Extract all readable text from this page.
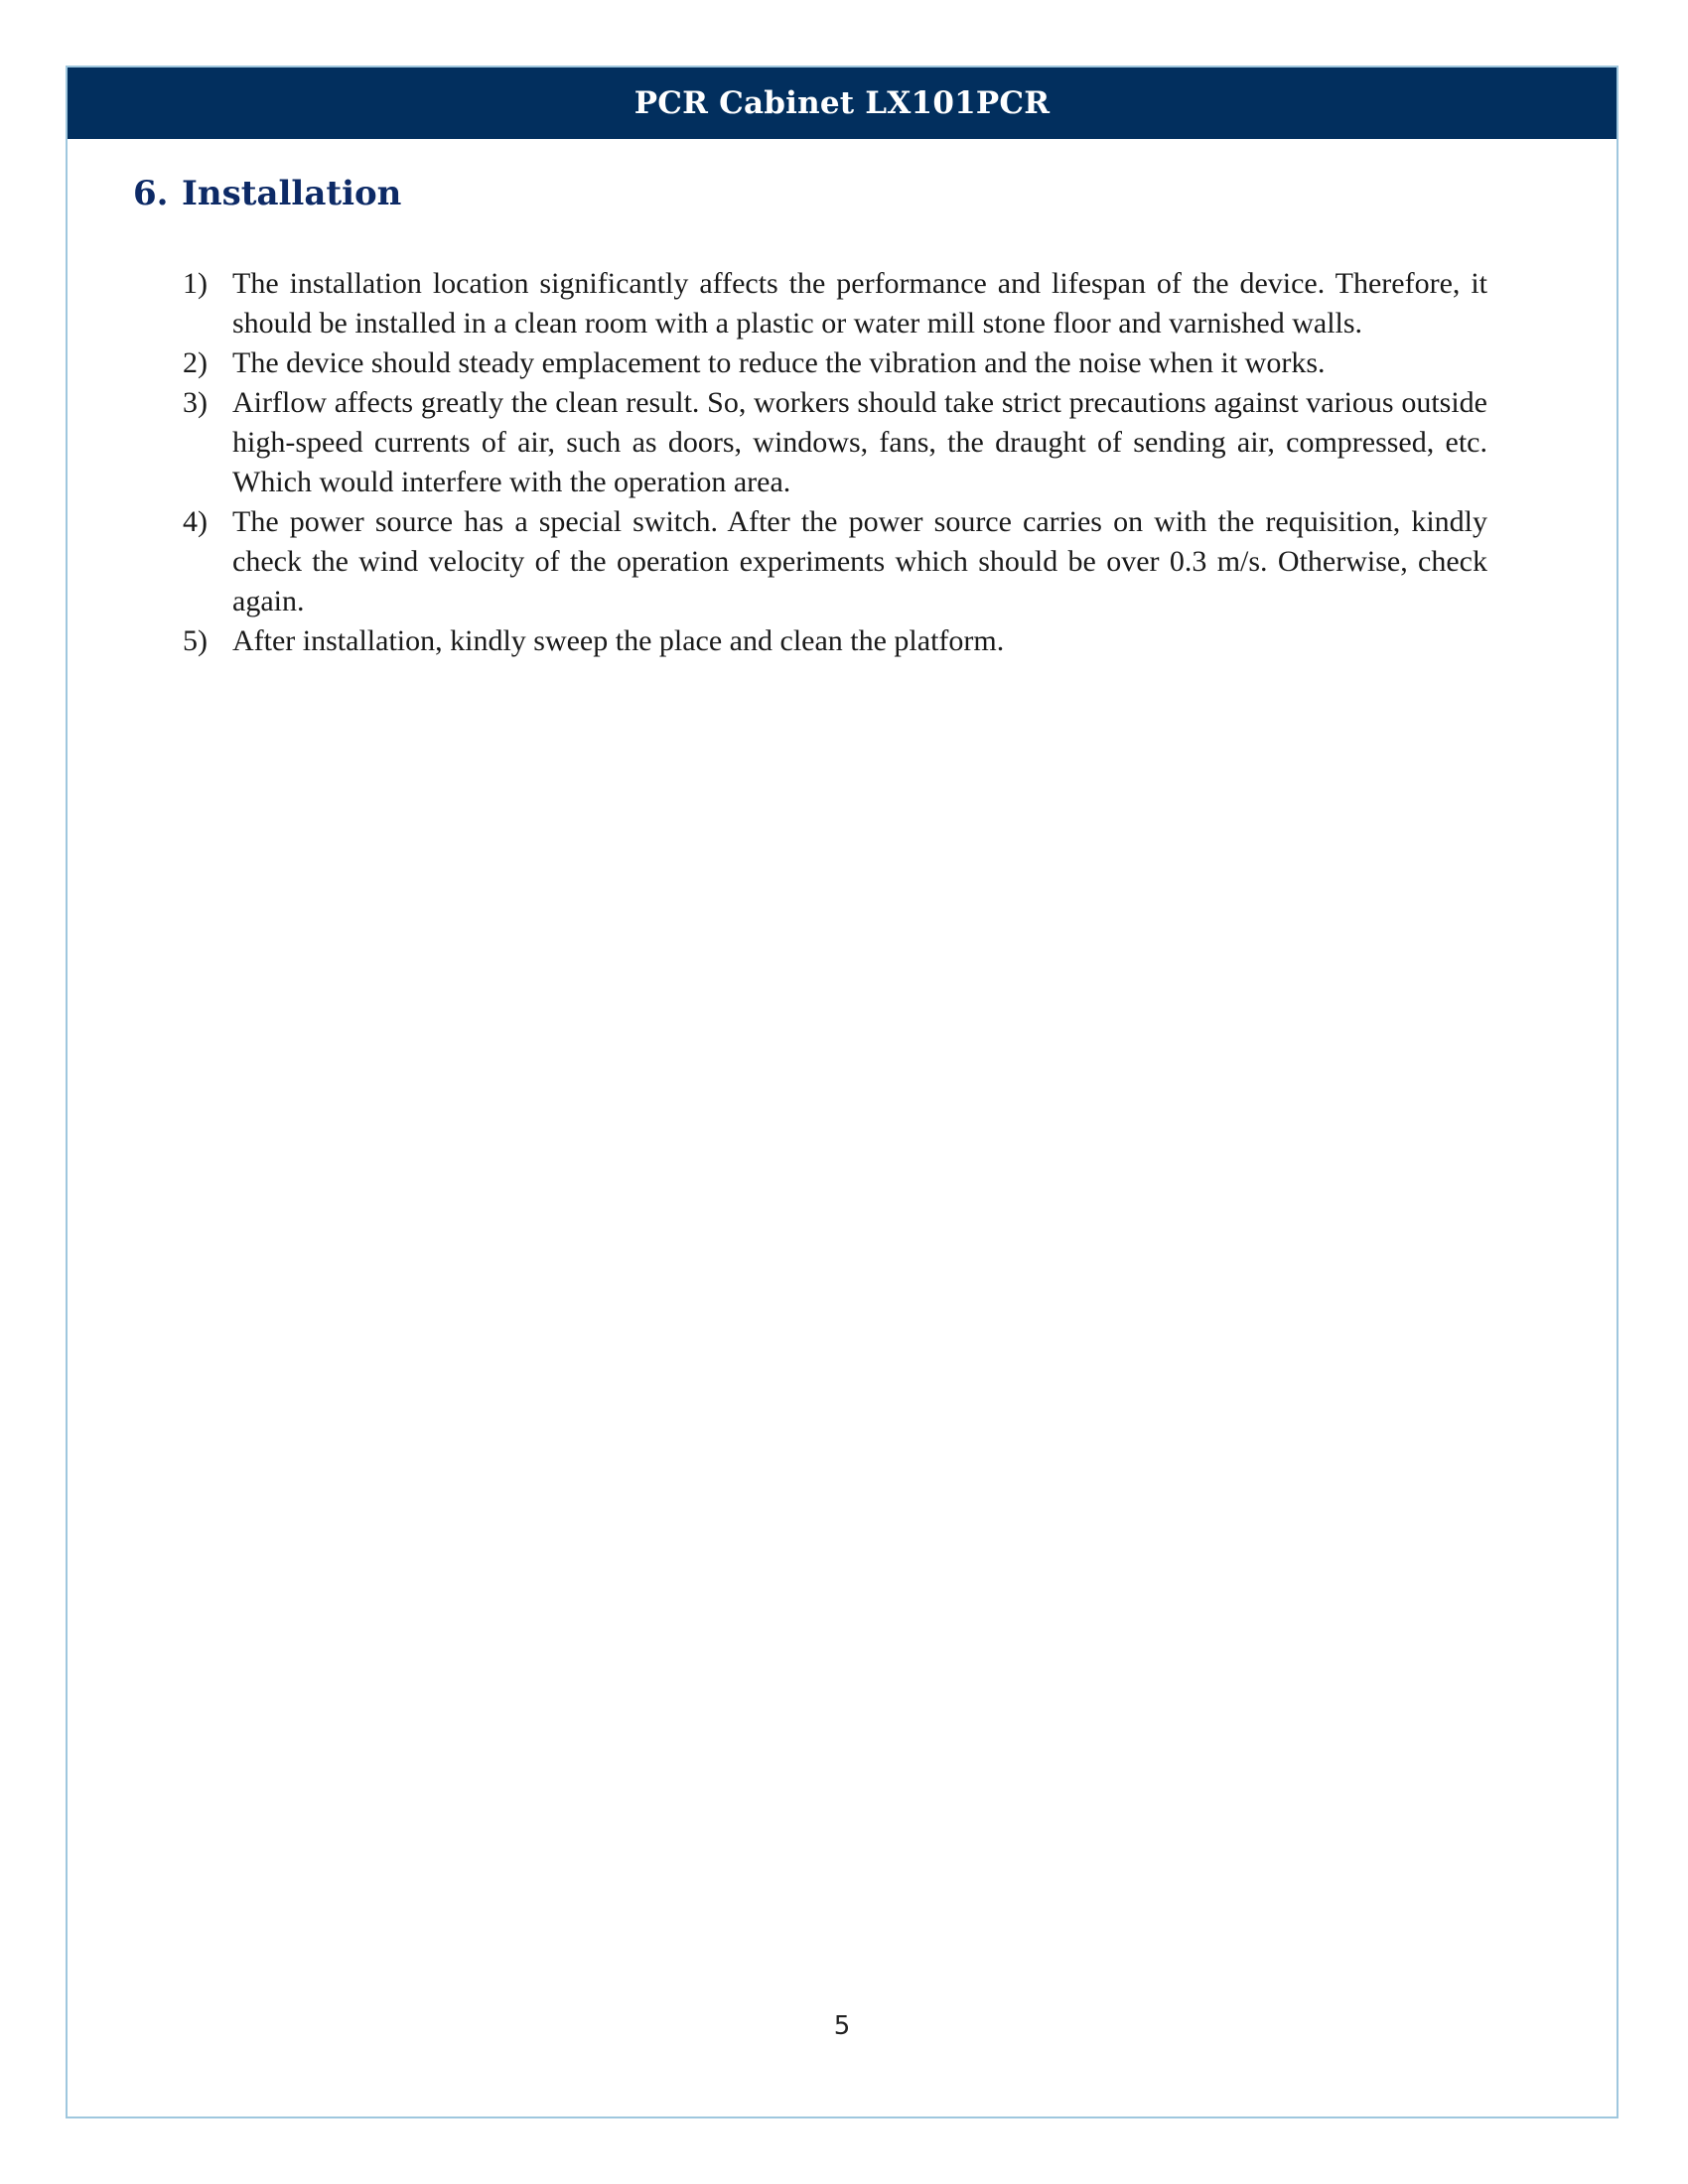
PCR Cabinet LX101PCR
5
6. Installation
1) The installation location significantly affects the performance and lifespan of the device. Therefore, it should be installed in a clean room with a plastic or water mill stone floor and varnished walls.
2) The device should steady emplacement to reduce the vibration and the noise when it works.
3) Airflow affects greatly the clean result. So, workers should take strict precautions against various outside high-speed currents of air, such as doors, windows, fans, the draught of sending air, compressed, etc. Which would interfere with the operation area.
4) The power source has a special switch. After the power source carries on with the requisition, kindly check the wind velocity of the operation experiments which should be over 0.3 m/s. Otherwise, check again.
5) After installation, kindly sweep the place and clean the platform.
